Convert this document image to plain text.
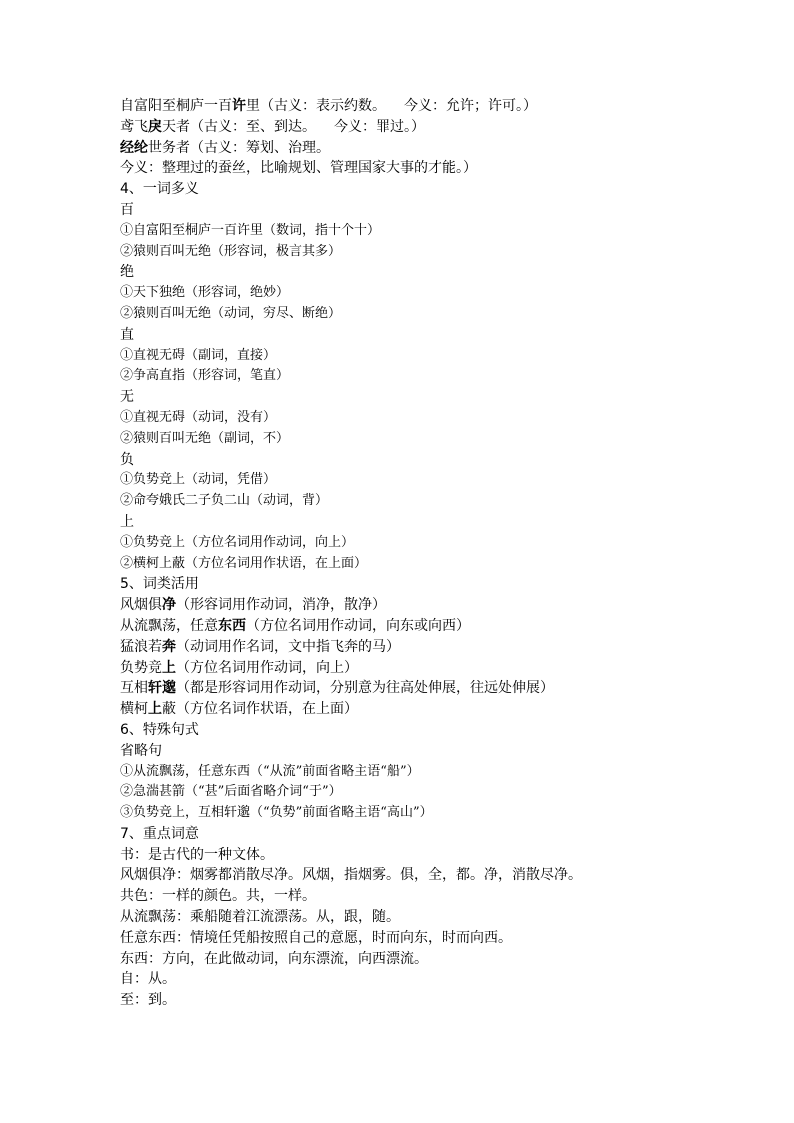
自富阳至桐庐一百许里（古义：表示约数。 今义：允许；许可。）
鸢飞戾天者（古义：至、到达。 今义：罪过。）
经纶世务者（古义：筹划、治理。今义：整理过的蚕丝，比喻规划、管理国家大事的才能。）
4、一词多义
百
①自富阳至桐庐一百许里（数词，指十个十）
②猿则百叫无绝（形容词，极言其多）
绝
①天下独绝（形容词，绝妙）
②猿则百叫无绝（动词，穷尽、断绝）
直
①直视无碍（副词，直接）
②争高直指（形容词，笔直）
无
①直视无碍（动词，没有）
②猿则百叫无绝（副词，不）
负
①负势竞上（动词，凭借）
②命夸娥氏二子负二山（动词，背）
上
①负势竞上（方位名词用作动词，向上）
②横柯上蔽（方位名词用作状语，在上面）
5、词类活用
风烟俱净（形容词用作动词，消净，散净）
从流飘荡，任意东西（方位名词用作动词，向东或向西）
猛浪若奔（动词用作名词，文中指飞奔的马）
负势竞上（方位名词用作动词，向上）
互相轩邈（都是形容词用作动词，分别意为往高处伸展，往远处伸展）
横柯上蔽（方位名词作状语，在上面）
6、特殊句式
省略句
①从流飘荡，任意东西（“从流”前面省略主语“船”）
②急湍甚箭（“甚”后面省略介词“于”）
③负势竞上，互相轩邈（“负势”前面省略主语“高山”）
7、重点词意
书：是古代的一种文体。
风烟俱净：烟雾都消散尽净。风烟，指烟雾。俱，全，都。净，消散尽净。
共色：一样的颜色。共，一样。
从流飘荡：乘船随着江流漂荡。从，跟，随。
任意东西：情境任凭船按照自己的意愿，时而向东，时而向西。
东西：方向，在此做动词，向东漂流，向西漂流。
自：从。
至：到。
